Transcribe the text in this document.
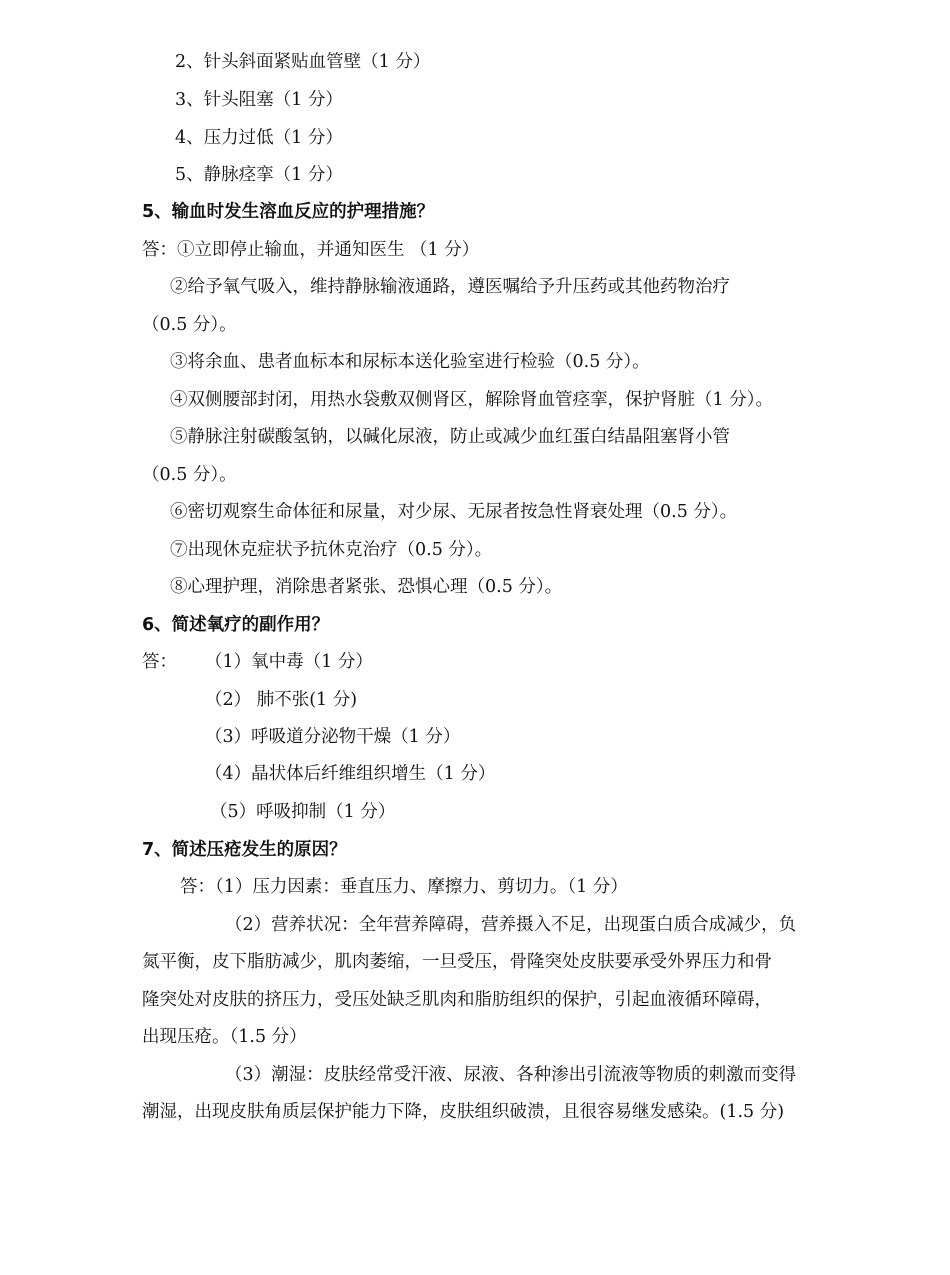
2、针头斜面紧贴血管壁（1 分）

3、针头阻塞（1 分）

4、压力过低（1 分）

5、静脉痉挛（1 分）

5、输血时发生溶血反应的护理措施？

答：①立即停止输血，并通知医生 （1 分）

②给予氧气吸入，维持静脉输液通路，遵医嘱给予升压药或其他药物治疗

（0.5 分）。

③将余血、患者血标本和尿标本送化验室进行检验（0.5 分）。

④双侧腰部封闭，用热水袋敷双侧肾区，解除肾血管痉挛，保护肾脏（1 分）。

⑤静脉注射碳酸氢钠，以碱化尿液，防止或减少血红蛋白结晶阻塞肾小管

（0.5 分）。

⑥密切观察生命体征和尿量，对少尿、无尿者按急性肾衰处理（0.5 分）。

⑦出现休克症状予抗休克治疗（0.5 分）。

⑧心理护理，消除患者紧张、恐惧心理（0.5 分）。

6、简述氧疗的副作用？

答： （1）氧中毒（1 分）

（2） 肺不张(1 分)

（3）呼吸道分泌物干燥（1 分）

（4）晶状体后纤维组织增生（1 分）

（5）呼吸抑制（1 分）

7、简述压疮发生的原因？

答：（1）压力因素：垂直压力、摩擦力、剪切力。（1 分）

（2）营养状况：全年营养障碍，营养摄入不足，出现蛋白质合成减少，负

氮平衡，皮下脂肪减少，肌肉萎缩，一旦受压，骨隆突处皮肤要承受外界压力和骨

隆突处对皮肤的挤压力，受压处缺乏肌肉和脂肪组织的保护，引起血液循环障碍，

出现压疮。（1.5 分）

（3）潮湿：皮肤经常受汗液、尿液、各种渗出引流液等物质的刺激而变得

潮湿，出现皮肤角质层保护能力下降，皮肤组织破溃，且很容易继发感染。(1.5 分)
